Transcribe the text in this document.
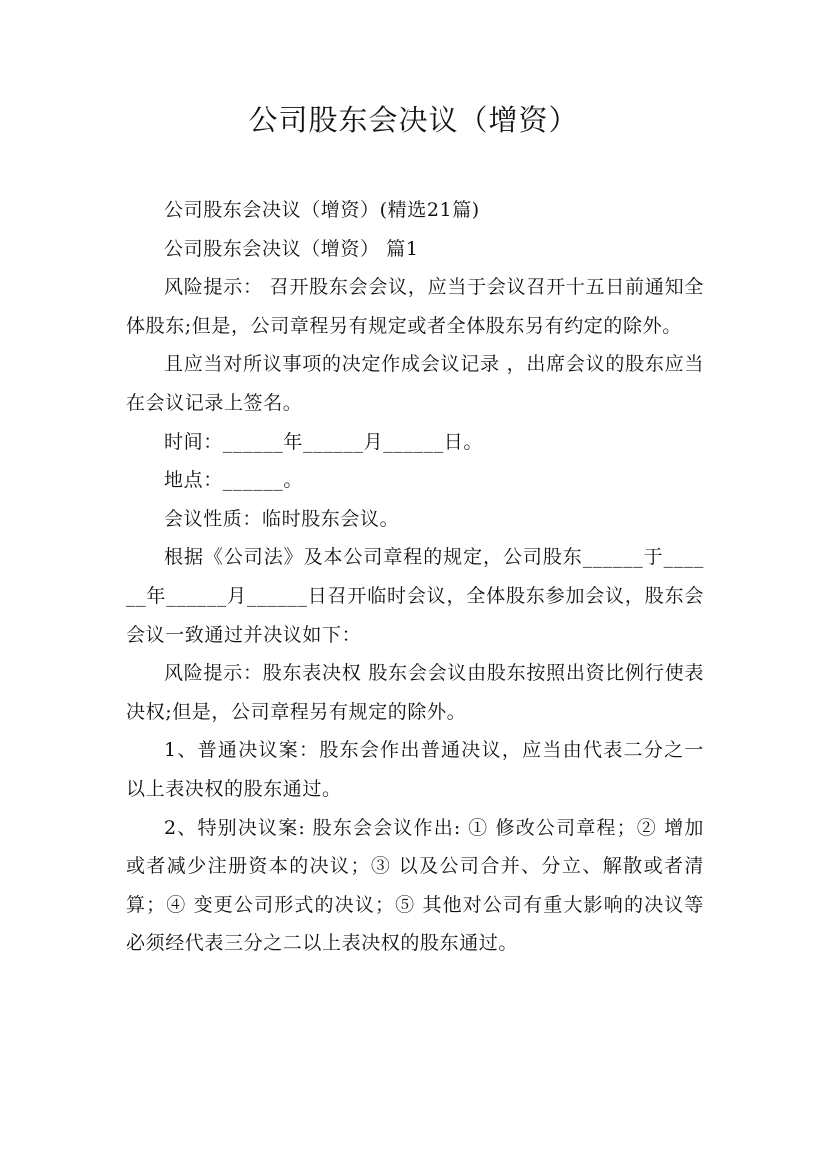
公司股东会决议（增资）

公司股东会决议（增资）(精选21篇)

公司股东会决议（增资） 篇1

风险提示： 召开股东会会议，应当于会议召开十五日前通知全体股东;但是，公司章程另有规定或者全体股东另有约定的除外。

且应当对所议事项的决定作成会议记录 ，出席会议的股东应当在会议记录上签名。

时间：______年______月______日。

地点：______。

会议性质：临时股东会议。

根据《公司法》及本公司章程的规定，公司股东______于______年______月______日召开临时会议，全体股东参加会议，股东会会议一致通过并决议如下：

风险提示：股东表决权 股东会会议由股东按照出资比例行使表决权;但是，公司章程另有规定的除外。

1、普通决议案：股东会作出普通决议，应当由代表二分之一以上表决权的股东通过。

2、特别决议案: 股东会会议作出: ① 修改公司章程；② 增加或者减少注册资本的决议；③ 以及公司合并、分立、解散或者清算；④ 变更公司形式的决议；⑤ 其他对公司有重大影响的决议等必须经代表三分之二以上表决权的股东通过。
